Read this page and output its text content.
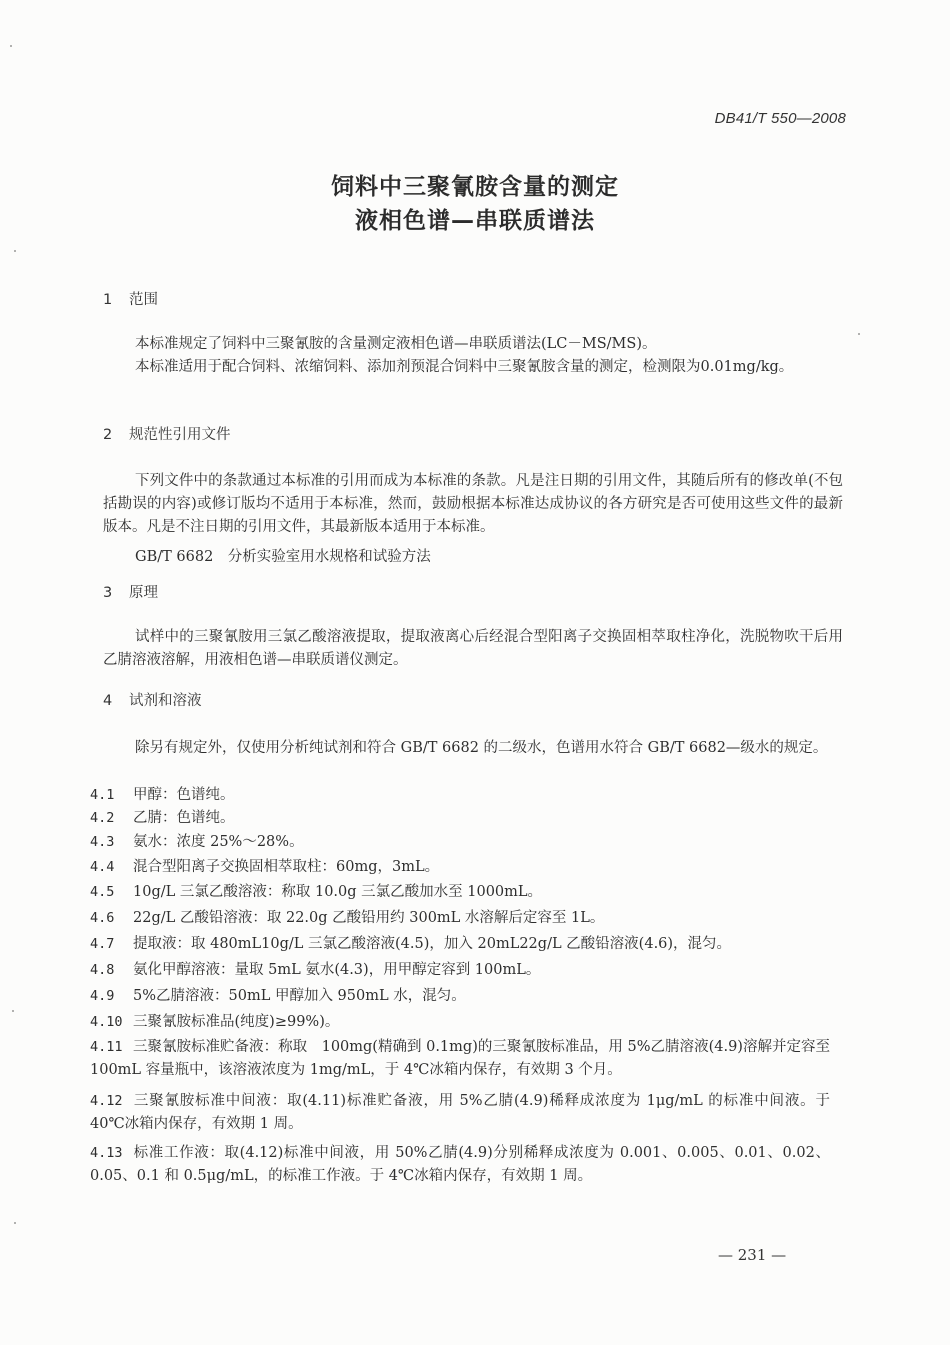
DB41/T 550—2008
饲料中三聚氰胺含量的测定
液相色谱—串联质谱法
1 范围
本标准规定了饲料中三聚氰胺的含量测定液相色谱—串联质谱法(LC－MS/MS)。
本标准适用于配合饲料、浓缩饲料、添加剂预混合饲料中三聚氰胺含量的测定，检测限为0.01mg/kg。
2 规范性引用文件
下列文件中的条款通过本标准的引用而成为本标准的条款。凡是注日期的引用文件，其随后所有的修改单(不包括勘误的内容)或修订版均不适用于本标准，然而，鼓励根据本标准达成协议的各方研究是否可使用这些文件的最新版本。凡是不注日期的引用文件，其最新版本适用于本标准。
GB/T 6682　分析实验室用水规格和试验方法
3 原理
试样中的三聚氰胺用三氯乙酸溶液提取，提取液离心后经混合型阳离子交换固相萃取柱净化，洗脱物吹干后用乙腈溶液溶解，用液相色谱—串联质谱仪测定。
4 试剂和溶液
除另有规定外，仅使用分析纯试剂和符合 GB/T 6682 的二级水，色谱用水符合 GB/T 6682—级水的规定。
4.1 甲醇：色谱纯。
4.2 乙腈：色谱纯。
4.3 氨水：浓度 25%～28%。
4.4 混合型阳离子交换固相萃取柱：60mg，3mL。
4.5 10g/L 三氯乙酸溶液：称取 10.0g 三氯乙酸加水至 1000mL。
4.6 22g/L 乙酸铅溶液：取 22.0g 乙酸铅用约 300mL 水溶解后定容至 1L。
4.7 提取液：取 480mL10g/L 三氯乙酸溶液(4.5)，加入 20mL22g/L 乙酸铅溶液(4.6)，混匀。
4.8 氨化甲醇溶液：量取 5mL 氨水(4.3)，用甲醇定容到 100mL。
4.9 5%乙腈溶液：50mL 甲醇加入 950mL 水，混匀。
4.10 三聚氰胺标准品(纯度)≥99%)。
4.11 三聚氰胺标准贮备液：称取　100mg(精确到 0.1mg)的三聚氰胺标准品，用 5%乙腈溶液(4.9)溶解并定容至 100mL 容量瓶中，该溶液浓度为 1mg/mL，于 4℃冰箱内保存，有效期 3 个月。
4.12 三聚氰胺标准中间液：取(4.11)标准贮备液，用 5%乙腈(4.9)稀释成浓度为 1μg/mL 的标准中间液。于 40℃冰箱内保存，有效期 1 周。
4.13 标准工作液：取(4.12)标准中间液，用 50%乙腈(4.9)分别稀释成浓度为 0.001、0.005、0.01、0.02、0.05、0.1 和 0.5μg/mL，的标准工作液。于 4℃冰箱内保存，有效期 1 周。
— 231 —
